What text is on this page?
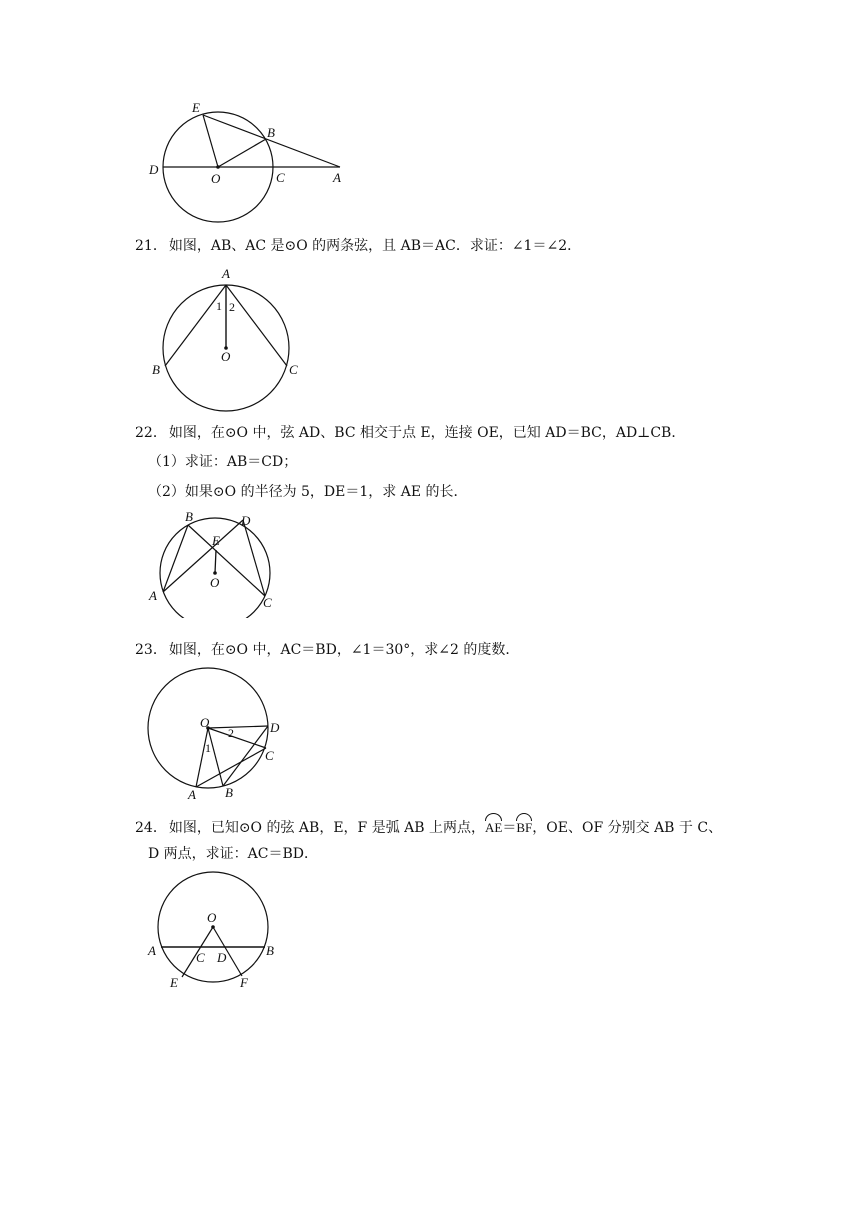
E
B
D
O	C	A
21． 如图，AB、AC 是⊙O 的两条弦，且 AB＝AC．求证：∠1＝∠2．
A
1 2
O
B	C
22． 如图，在⊙O 中，弦 AD、BC 相交于点 E，连接 OE，已知 AD＝BC，AD⊥CB．
（1）求证：AB＝CD；
（2）如果⊙O 的半径为 5，DE＝1，求 AE 的长．
B	D
E
O
A	C
23． 如图，在⊙O 中，AC＝BD，∠1＝30°，求∠2 的度数．
O	D
2
1	C
A B
24． 如图，已知⊙O 的弦 AB，E，F 是弧 AB 上两点，AE＝BF，OE、OF 分别交 AB 于 C、
D 两点，求证：AC＝BD．
O
A	B
C D
E	F
